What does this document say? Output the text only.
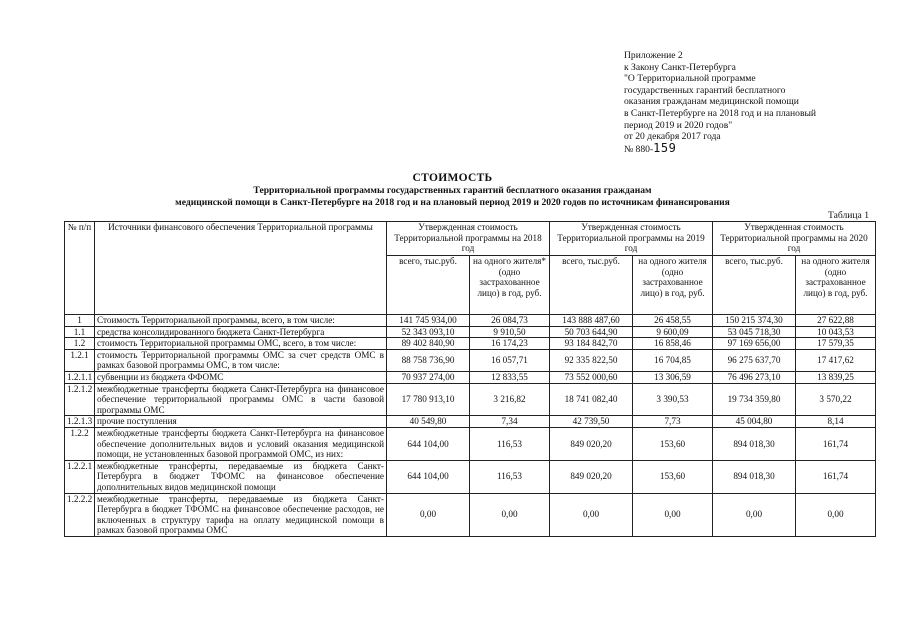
Приложение 2
к Закону Санкт-Петербурга
"О Территориальной программе
государственных гарантий бесплатного
оказания гражданам медицинской помощи
в Санкт-Петербурге на 2018 год и на плановый
период 2019 и 2020 годов"
от 20 декабря 2017 года
№ 880-159
СТОИМОСТЬ
Территориальной программы государственных гарантий бесплатного оказания гражданам
медицинской помощи в Санкт-Петербурге на 2018 год и на плановый период 2019 и 2020 годов по источникам финансирования
Таблица 1
№ п/п	Источники финансового обеспечения Территориальной программы	Утвержденная стоимость Территориальной программы на 2018 год		Утвержденная стоимость Территориальной программы на 2019 год		Утвержденная стоимость Территориальной программы на 2020 год	
		всего, тыс.руб.	на одного жителя* (одно застрахованное лицо) в год, руб.	всего, тыс.руб.	на одного жителя (одно застрахованное лицо) в год, руб.	всего, тыс.руб.	на одного жителя (одно застрахованное лицо) в год, руб.
1	Стоимость Территориальной программы, всего, в том числе:	141 745 934,00	26 084,73	143 888 487,60	26 458,55	150 215 374,30	27 622,88
1.1	средства консолидированного бюджета Санкт-Петербурга	52 343 093,10	9 910,50	50 703 644,90	9 600,09	53 045 718,30	10 043,53
1.2	стоимость Территориальной программы ОМС, всего, в том числе:	89 402 840,90	16 174,23	93 184 842,70	16 858,46	97 169 656,00	17 579,35
1.2.1	стоимость Территориальной программы ОМС за счет средств ОМС в рамках базовой программы ОМС, в том числе:	88 758 736,90	16 057,71	92 335 822,50	16 704,85	96 275 637,70	17 417,62
1.2.1.1	субвенции из бюджета ФФОМС	70 937 274,00	12 833,55	73 552 000,60	13 306,59	76 496 273,10	13 839,25
1.2.1.2	межбюджетные трансферты бюджета Санкт-Петербурга на финансовое обеспечение территориальной программы ОМС в части базовой программы ОМС	17 780 913,10	3 216,82	18 741 082,40	3 390,53	19 734 359,80	3 570,22
1.2.1.3	прочие поступления	40 549,80	7,34	42 739,50	7,73	45 004,80	8,14
1.2.2	межбюджетные трансферты бюджета Санкт-Петербурга на финансовое обеспечение дополнительных видов и условий оказания медицинской помощи, не установленных базовой программой ОМС, из них:	644 104,00	116,53	849 020,20	153,60	894 018,30	161,74
1.2.2.1	межбюджетные трансферты, передаваемые из бюджета Санкт-Петербурга в бюджет ТФОМС на финансовое обеспечение дополнительных видов медицинской помощи	644 104,00	116,53	849 020,20	153,60	894 018,30	161,74
1.2.2.2	межбюджетные трансферты, передаваемые из бюджета Санкт-Петербурга в бюджет ТФОМС на финансовое обеспечение расходов, не включенных в структуру тарифа на оплату медицинской помощи в рамках базовой программы ОМС	0,00	0,00	0,00	0,00	0,00	0,00
